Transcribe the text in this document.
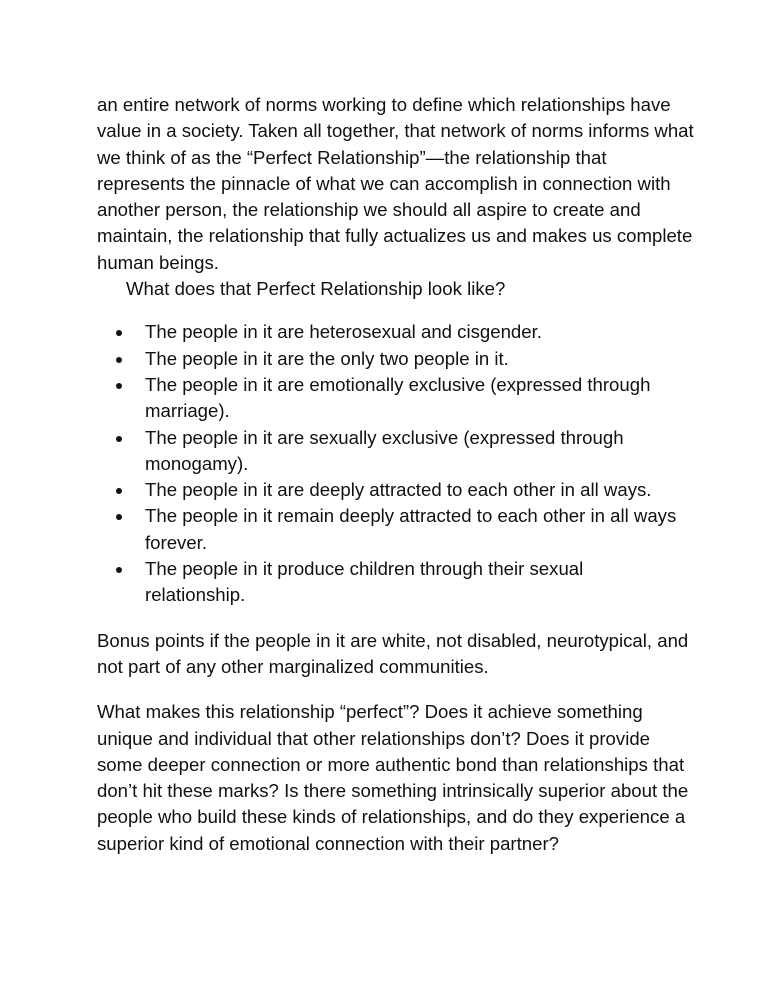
an entire network of norms working to define which relationships have value in a society. Taken all together, that network of norms informs what we think of as the “Perfect Relationship”—the relationship that represents the pinnacle of what we can accomplish in connection with another person, the relationship we should all aspire to create and maintain, the relationship that fully actualizes us and makes us complete human beings.

What does that Perfect Relationship look like?

The people in it are heterosexual and cisgender.
The people in it are the only two people in it.
The people in it are emotionally exclusive (expressed through marriage).
The people in it are sexually exclusive (expressed through monogamy).
The people in it are deeply attracted to each other in all ways.
The people in it remain deeply attracted to each other in all ways forever.
The people in it produce children through their sexual relationship.

Bonus points if the people in it are white, not disabled, neurotypical, and not part of any other marginalized communities.

What makes this relationship “perfect”? Does it achieve something unique and individual that other relationships don’t? Does it provide some deeper connection or more authentic bond than relationships that don’t hit these marks? Is there something intrinsically superior about the people who build these kinds of relationships, and do they experience a superior kind of emotional connection with their partner?
